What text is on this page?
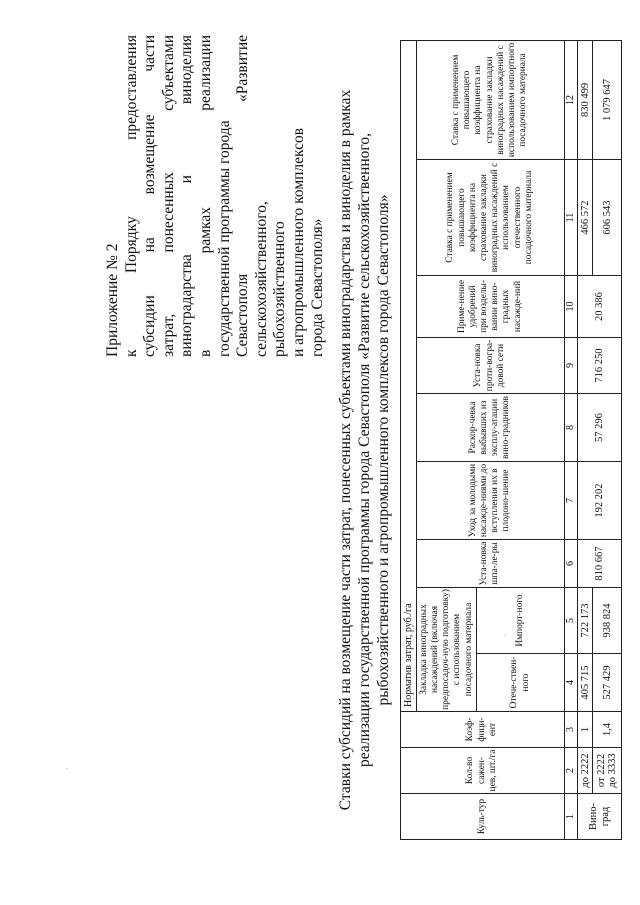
·
·
Приложение № 2 к Порядку предоставления
субсидии на возмещение части
затрат, понесенных субъектами
виноградарства и виноделия
в рамках реализации
государственной программы города Севастополя «Развитие
сельскохозяйственного, рыбохозяйственного и агропромышленного комплексов города Севастополя» Ставки субсидий на возмещение части затрат, понесенных субъектами виноградарства и виноделия в рамках реализации государственной программы города Севастополя «Развитие сельскохозяйственного, рыбохозяйственного и агропромышленного комплексов города Севастополя»
Куль-тур	Кол-во сажен-цев, шт./га	Коэф-фици-ент	Норматив затрат, руб./га								
			Закладка виноградных насаждений (включая предпосадоч-ную подготовку) с использованием посадочного материала		Уста-новка шпа-ле-ры	Уход за молодыми насажде-ниями до вступления их в плодоно-шение	Раскор-чевка выбывших из эксплу-атации вино-градников	Уста-новка проти-вогра-довой сети	Приме-нение удобрений при возделы-вании вино-градных насажде-ний	Ставка с применением повышающего коэффициента на страхование закладки виноградных насаждений с использованием отечественного посадочного материала	Ставка с применением повышающего коэффициента на страхование закладки виноградных насаждений с использованием импортного посадочного материала
			Отече-ствен-ного	Импорт-ного							
1	2	3	4	5	6	7	8	9	10	11	12
Вино-град	до 2222	1	405 715	722 173	810 667	192 202	57 296	716 250	20 386	466 572	830 499
	от 2222 до 3333	1,4	527 429	938 824						606 543	1 079 647
